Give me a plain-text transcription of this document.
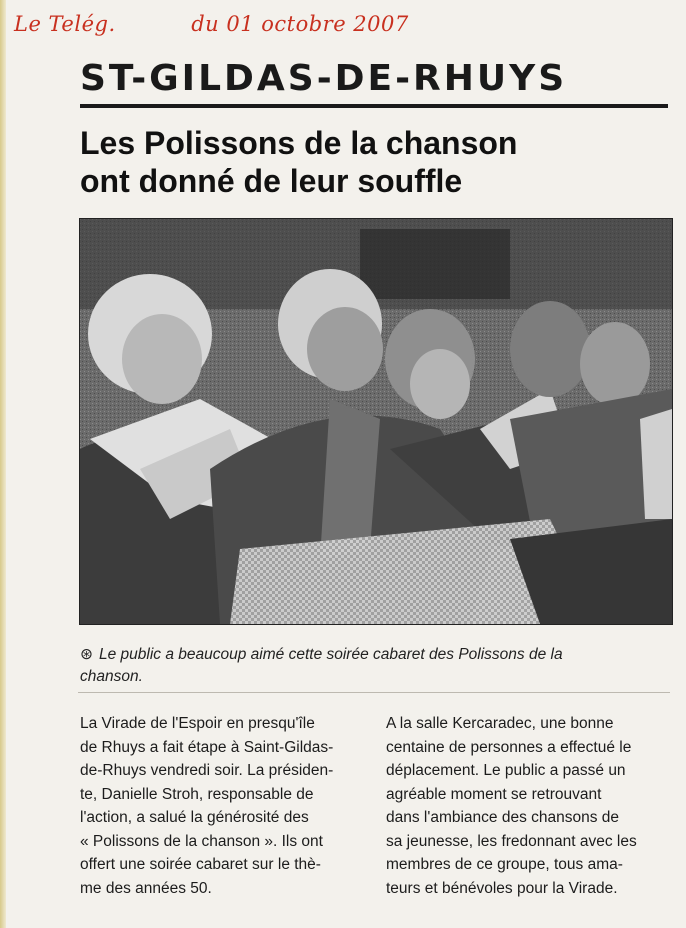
Le Telég.	du 01 octobre 2007
ST-GILDAS-DE-RHUYS
Les Polissons de la chanson
ont donné de leur souffle
⊛ Le public a beaucoup aimé cette soirée cabaret des Polissons de la
chanson.
La Virade de l'Espoir en presqu'île
de Rhuys a fait étape à Saint-Gildas-
de-Rhuys vendredi soir. La présiden-
te, Danielle Stroh, responsable de
l'action, a salué la générosité des
« Polissons de la chanson ». Ils ont
offert une soirée cabaret sur le thè-
me des années 50.
A la salle Kercaradec, une bonne
centaine de personnes a effectué le
déplacement. Le public a passé un
agréable moment se retrouvant
dans l'ambiance des chansons de
sa jeunesse, les fredonnant avec les
membres de ce groupe, tous ama-
teurs et bénévoles pour la Virade.
